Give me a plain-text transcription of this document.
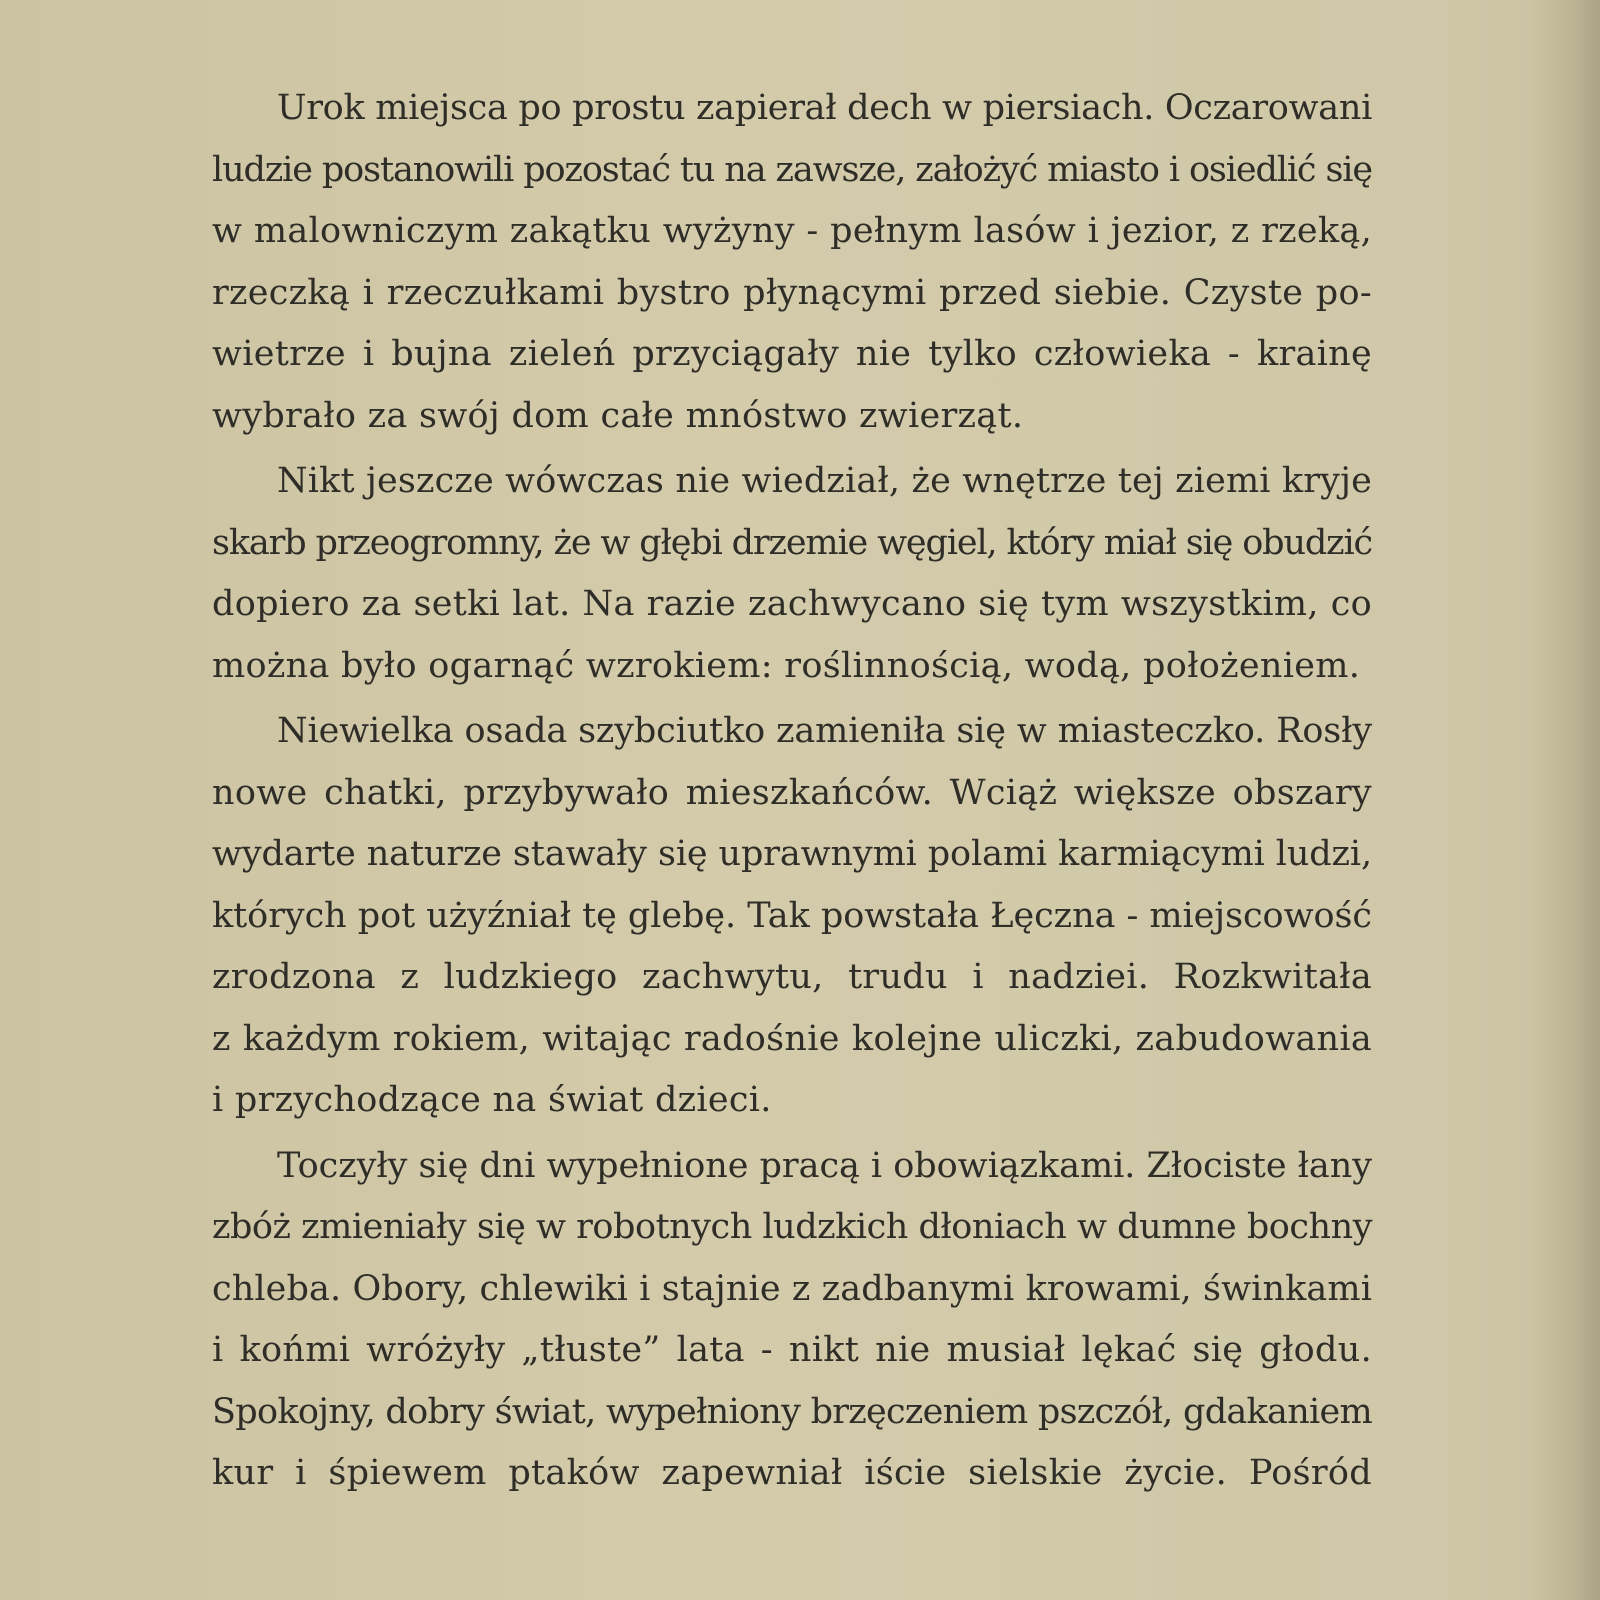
Urok miejsca po prostu zapierał dech w piersiach. Oczarowani
ludzie postanowili pozostać tu na zawsze, założyć miasto i osiedlić się
w malowniczym zakątku wyżyny - pełnym lasów i jezior, z rzeką,
rzeczką i rzeczułkami bystro płynącymi przed siebie. Czyste po-
wietrze i bujna zieleń przyciągały nie tylko człowieka - krainę
wybrało za swój dom całe mnóstwo zwierząt.

Nikt jeszcze wówczas nie wiedział, że wnętrze tej ziemi kryje
skarb przeogromny, że w głębi drzemie węgiel, który miał się obudzić
dopiero za setki lat. Na razie zachwycano się tym wszystkim, co
można było ogarnąć wzrokiem: roślinnością, wodą, położeniem.

Niewielka osada szybciutko zamieniła się w miasteczko. Rosły
nowe chatki, przybywało mieszkańców. Wciąż większe obszary
wydarte naturze stawały się uprawnymi polami karmiącymi ludzi,
których pot użyźniał tę glebę. Tak powstała Łęczna - miejscowość
zrodzona z ludzkiego zachwytu, trudu i nadziei. Rozkwitała
z każdym rokiem, witając radośnie kolejne uliczki, zabudowania
i przychodzące na świat dzieci.

Toczyły się dni wypełnione pracą i obowiązkami. Złociste łany
zbóż zmieniały się w robotnych ludzkich dłoniach w dumne bochny
chleba. Obory, chlewiki i stajnie z zadbanymi krowami, świnkami
i końmi wróżyły „tłuste” lata - nikt nie musiał lękać się głodu.
Spokojny, dobry świat, wypełniony brzęczeniem pszczół, gdakaniem
kur i śpiewem ptaków zapewniał iście sielskie życie. Pośród
